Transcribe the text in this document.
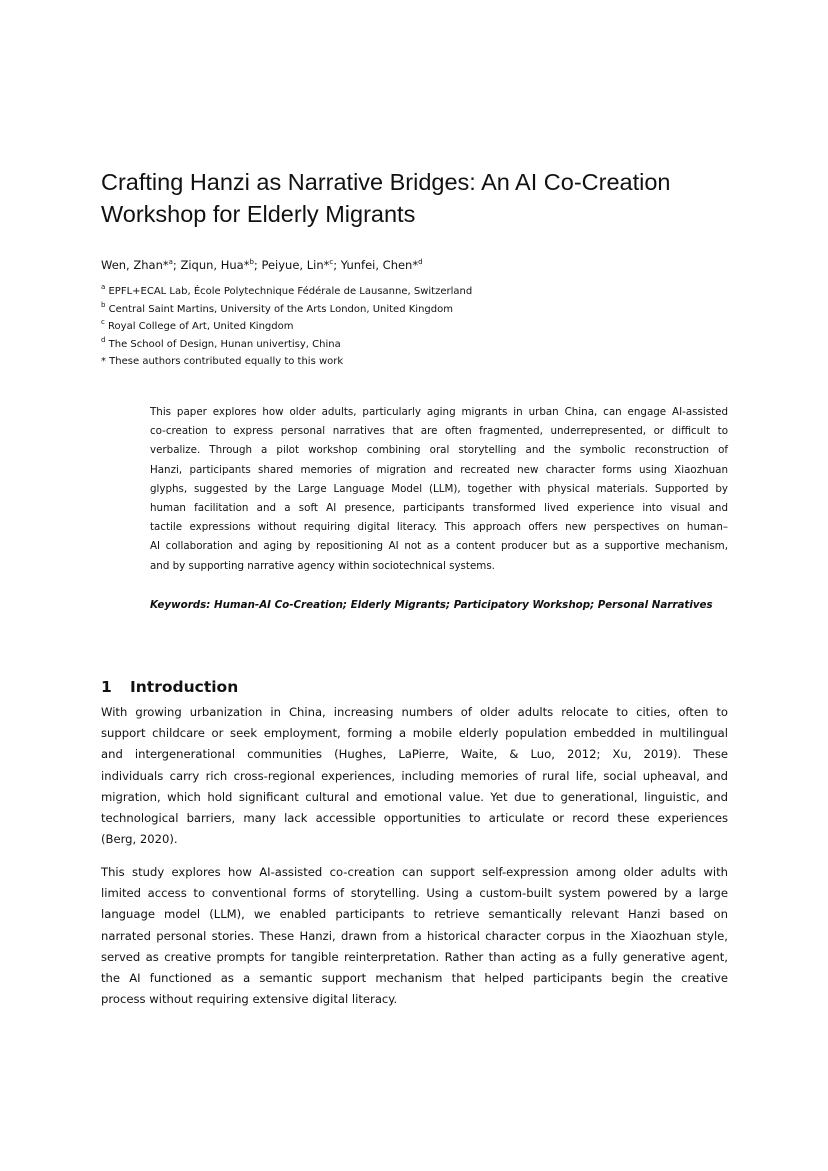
Crafting Hanzi as Narrative Bridges: An AI Co-Creation
Workshop for Elderly Migrants
Wen, Zhan*$^a$; Ziqun, Hua*$^b$; Peiyue, Lin*$^c$; Yunfei, Chen*$^d$
$^a$ EPFL+ECAL Lab, École Polytechnique Fédérale de Lausanne, Switzerland
$^b$ Central Saint Martins, University of the Arts London, United Kingdom
$^c$ Royal College of Art, United Kingdom
$^d$ The School of Design, Hunan univertisy, China
* These authors contributed equally to this work
This paper explores how older adults, particularly aging migrants in urban China, can engage AI-assisted
co-creation to express personal narratives that are often fragmented, underrepresented, or difficult to
verbalize. Through a pilot workshop combining oral storytelling and the symbolic reconstruction of
Hanzi, participants shared memories of migration and recreated new character forms using Xiaozhuan
glyphs, suggested by the Large Language Model (LLM), together with physical materials. Supported by
human facilitation and a soft AI presence, participants transformed lived experience into visual and
tactile expressions without requiring digital literacy. This approach offers new perspectives on human–
AI collaboration and aging by repositioning AI not as a content producer but as a supportive mechanism,
and by supporting narrative agency within sociotechnical systems.
Keywords: Human-AI Co-Creation; Elderly Migrants; Participatory Workshop; Personal Narratives
1 Introduction
With growing urbanization in China, increasing numbers of older adults relocate to cities, often to
support childcare or seek employment, forming a mobile elderly population embedded in multilingual
and intergenerational communities (Hughes, LaPierre, Waite, & Luo, 2012; Xu, 2019). These
individuals carry rich cross-regional experiences, including memories of rural life, social upheaval, and
migration, which hold significant cultural and emotional value. Yet due to generational, linguistic, and
technological barriers, many lack accessible opportunities to articulate or record these experiences
(Berg, 2020).
This study explores how AI-assisted co-creation can support self-expression among older adults with
limited access to conventional forms of storytelling. Using a custom-built system powered by a large
language model (LLM), we enabled participants to retrieve semantically relevant Hanzi based on
narrated personal stories. These Hanzi, drawn from a historical character corpus in the Xiaozhuan style,
served as creative prompts for tangible reinterpretation. Rather than acting as a fully generative agent,
the AI functioned as a semantic support mechanism that helped participants begin the creative
process without requiring extensive digital literacy.
